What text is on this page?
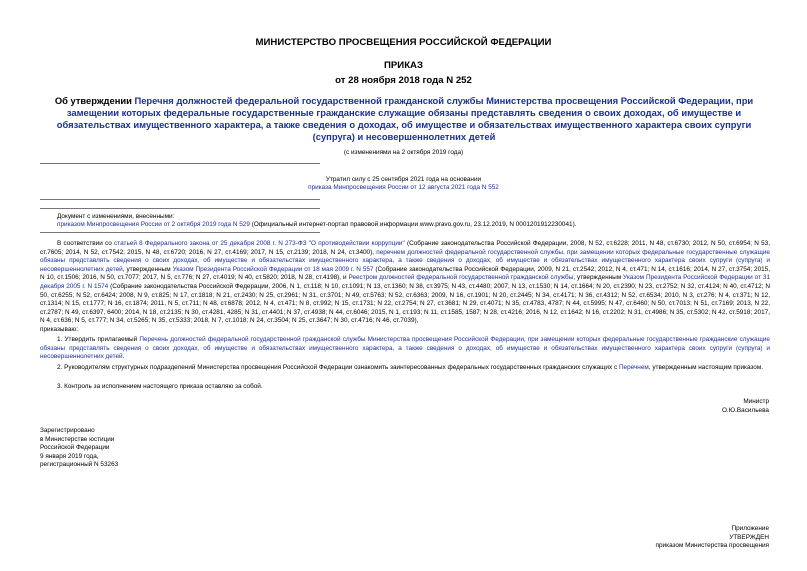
МИНИСТЕРСТВО ПРОСВЕЩЕНИЯ РОССИЙСКОЙ ФЕДЕРАЦИИ
ПРИКАЗ
от 28 ноября 2018 года N 252
Об утверждении Перечня должностей федеральной государственной гражданской службы Министерства просвещения Российской Федерации, при замещении которых федеральные государственные гражданские служащие обязаны представлять сведения о своих доходах, об имуществе и обязательствах имущественного характера, а также сведения о доходах, об имуществе и обязательствах имущественного характера своих супруги (супруга) и несовершеннолетних детей
(с изменениями на 2 октября 2019 года)
Утратил силу с 25 сентября 2021 года на основании
приказа Минпросвещения России от 12 августа 2021 года N 552
Документ с изменениями, внесенными:
приказом Минпросвещения России от 2 октября 2019 года N 529 (Официальный интернет-портал правовой информации www.pravo.gov.ru, 23.12.2019, N 0001201912230041).
В соответствии со статьей 8 Федерального закона от 25 декабря 2008 г. N 273-ФЗ "О противодействии коррупции" (Собрание законодательства Российской Федерации, 2008, N 52, ст.6228; 2011, N 48, ст.6730; 2012, N 50, ст.6954; N 53, ст.7605; 2014, N 52, ст.7542; 2015, N 48, ст.6720; 2016, N 27, ст.4169; 2017, N 15, ст.2139; 2018, N 24, ст.3400), перечнем должностей федеральной государственной службы, при замещении которых федеральные государственные служащие обязаны представлять сведения о своих доходах, об имуществе и обязательствах имущественного характера, а также сведения о доходах, об имуществе и обязательствах имущественного характера своих супруги (супруга) и несовершеннолетних детей, утвержденным Указом Президента Российской Федерации от 18 мая 2009 г. N 557 (Собрание законодательства Российской Федерации, 2009, N 21, ст.2542; 2012, N 4, ст.471; N 14, ст.1616; 2014, N 27, ст.3754; 2015, N 10, ст.1506; 2016, N 50, ст.7077; 2017, N 5, ст.776; N 27, ст.4019; N 40, ст.5820; 2018, N 28, ст.4198), и Реестром должностей федеральной государственной гражданской службы, утвержденным Указом Президента Российской Федерации от 31 декабря 2005 г. N 1574 (Собрание законодательства Российской Федерации, 2006, N 1, ст.118; N 10, ст.1091; N 13, ст.1360; N 38, ст.3975; N 43, ст.4480; 2007, N 13, ст.1530; N 14, ст.1664; N 20, ст.2390; N 23, ст.2752; N 32, ст.4124; N 40, ст.4712; N 50, ст.6255; N 52, ст.6424; 2008, N 9, ст.825; N 17, ст.1818; N 21, ст.2430; N 25, ст.2961; N 31, ст.3701; N 49, ст.5763; N 52, ст.6363; 2009, N 16, ст.1901; N 20, ст.2445; N 34, ст.4171; N 36, ст.4312; N 52, ст.6534; 2010, N 3, ст.276; N 4, ст.371; N 12, ст.1314; N 15, ст.1777; N 16, ст.1874; 2011, N 5, ст.711; N 48, ст.6878; 2012, N 4, ст.471; N 8, ст.992; N 15, ст.1731; N 22, ст.2754; N 27, ст.3681; N 29, ст.4071; N 35, ст.4783, 4787; N 44, ст.5995; N 47, ст.6460; N 50, ст.7013; N 51, ст.7169; 2013, N 22, ст.2787; N 49, ст.6397, 6400; 2014, N 18, ст.2135; N 30, ст.4281, 4285; N 31, ст.4401; N 37, ст.4938; N 44, ст.6046; 2015, N 1, ст.193; N 11, ст.1585, 1587; N 28, ст.4216; 2016, N 12, ст.1642; N 16, ст.2202; N 31, ст.4986; N 35, ст.5302; N 42, ст.5918; 2017, N 4, ст.636; N 5, ст.777; N 34, ст.5265; N 35, ст.5333; 2018, N 7, ст.1018; N 24, ст.3504; N 25, ст.3647; N 30, ст.4716; N 46, ст.7039),
приказываю:
1. Утвердить прилагаемый Перечень должностей федеральной государственной гражданской службы Министерства просвещения Российской Федерации, при замещении которых федеральные государственные гражданские служащие обязаны представлять сведения о своих доходах, об имуществе и обязательствах имущественного характера, а также сведения о доходах, об имуществе и обязательствах имущественного характера своих супруги (супруга) и несовершеннолетних детей.
2. Руководителям структурных подразделений Министерства просвещения Российской Федерации ознакомить заинтересованных федеральных государственных гражданских служащих с Перечнем, утвержденным настоящим приказом.
3. Контроль за исполнением настоящего приказа оставляю за собой.
Министр
О.Ю.Васильева
Зарегистрировано
в Министерстве юстиции
Российской Федерации
9 января 2019 года,
регистрационный N 53263
Приложение
УТВЕРЖДЕН
приказом Министерства просвещения
